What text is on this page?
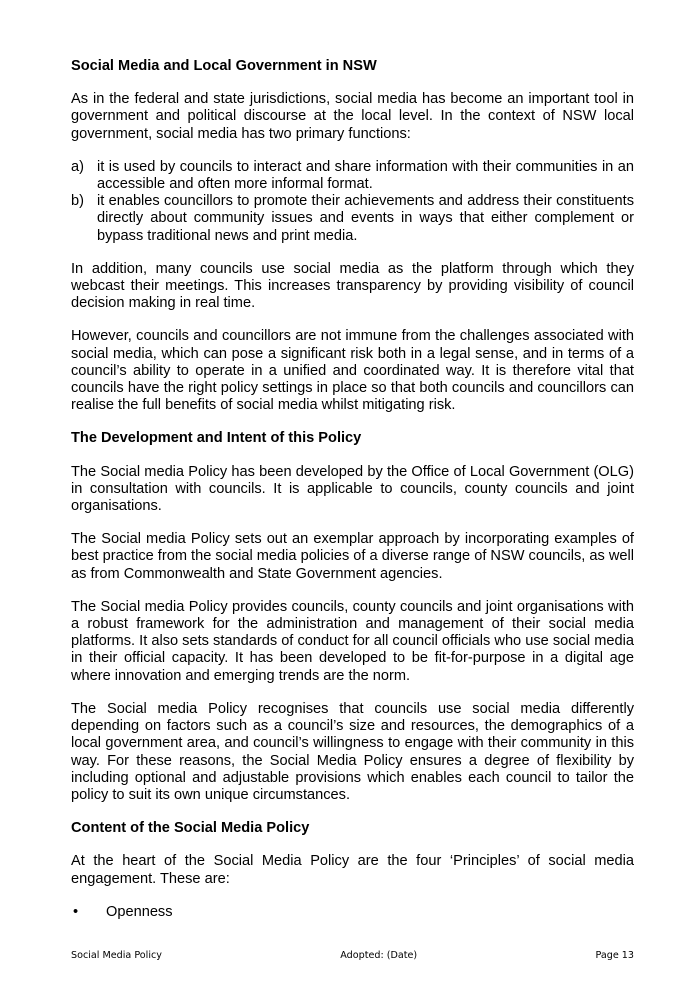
Social Media and Local Government in NSW

As in the federal and state jurisdictions, social media has become an important tool in government and political discourse at the local level. In the context of NSW local government, social media has two primary functions:

a) it is used by councils to interact and share information with their communities in an accessible and often more informal format.
b) it enables councillors to promote their achievements and address their constituents directly about community issues and events in ways that either complement or bypass traditional news and print media.

In addition, many councils use social media as the platform through which they webcast their meetings. This increases transparency by providing visibility of council decision making in real time.

However, councils and councillors are not immune from the challenges associated with social media, which can pose a significant risk both in a legal sense, and in terms of a council’s ability to operate in a unified and coordinated way. It is therefore vital that councils have the right policy settings in place so that both councils and councillors can realise the full benefits of social media whilst mitigating risk.

The Development and Intent of this Policy

The Social media Policy has been developed by the Office of Local Government (OLG) in consultation with councils. It is applicable to councils, county councils and joint organisations.

The Social media Policy sets out an exemplar approach by incorporating examples of best practice from the social media policies of a diverse range of NSW councils, as well as from Commonwealth and State Government agencies.

The Social media Policy provides councils, county councils and joint organisations with a robust framework for the administration and management of their social media platforms. It also sets standards of conduct for all council officials who use social media in their official capacity. It has been developed to be fit-for-purpose in a digital age where innovation and emerging trends are the norm.

The Social media Policy recognises that councils use social media differently depending on factors such as a council’s size and resources, the demographics of a local government area, and council’s willingness to engage with their community in this way. For these reasons, the Social Media Policy ensures a degree of flexibility by including optional and adjustable provisions which enables each council to tailor the policy to suit its own unique circumstances.

Content of the Social Media Policy

At the heart of the Social Media Policy are the four ‘Principles’ of social media engagement. These are:

• Openness
Social Media Policy	Adopted: (Date)	Page 13
